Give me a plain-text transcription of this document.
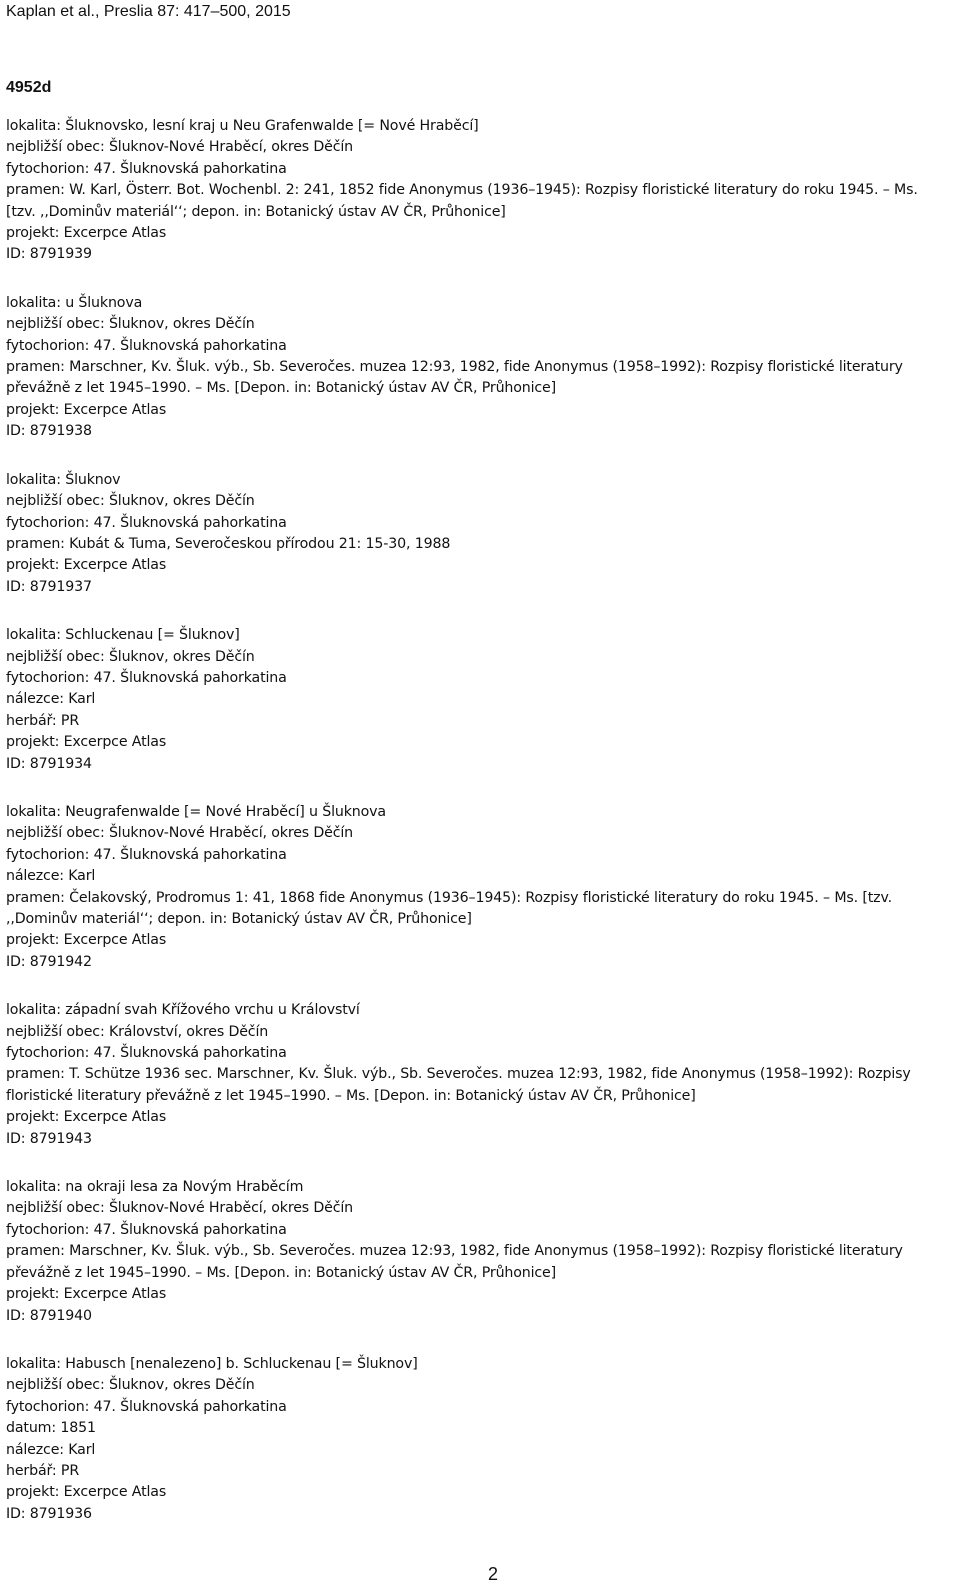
Kaplan et al., Preslia 87: 417–500, 2015
4952d
lokalita: Šluknovsko, lesní kraj u Neu Grafenwalde [= Nové Hraběcí]
nejbližší obec: Šluknov-Nové Hraběcí, okres Děčín
fytochorion: 47. Šluknovská pahorkatina
pramen: W. Karl, Österr. Bot. Wochenbl. 2: 241, 1852 fide Anonymus (1936–1945): Rozpisy floristické literatury do roku 1945. – Ms. [tzv. ,,Dominův materiál‘‘; depon. in: Botanický ústav AV ČR, Průhonice]
projekt: Excerpce Atlas
ID: 8791939
lokalita: u Šluknova
nejbližší obec: Šluknov, okres Děčín
fytochorion: 47. Šluknovská pahorkatina
pramen: Marschner, Kv. Šluk. výb., Sb. Severočes. muzea 12:93, 1982, fide Anonymus (1958–1992): Rozpisy floristické literatury převážně z let 1945–1990. – Ms. [Depon. in: Botanický ústav AV ČR, Průhonice]
projekt: Excerpce Atlas
ID: 8791938
lokalita: Šluknov
nejbližší obec: Šluknov, okres Děčín
fytochorion: 47. Šluknovská pahorkatina
pramen: Kubát & Tuma, Severočeskou přírodou 21: 15-30, 1988
projekt: Excerpce Atlas
ID: 8791937
lokalita: Schluckenau [= Šluknov]
nejbližší obec: Šluknov, okres Děčín
fytochorion: 47. Šluknovská pahorkatina
nálezce: Karl
herbář: PR
projekt: Excerpce Atlas
ID: 8791934
lokalita: Neugrafenwalde [= Nové Hraběcí] u Šluknova
nejbližší obec: Šluknov-Nové Hraběcí, okres Děčín
fytochorion: 47. Šluknovská pahorkatina
nálezce: Karl
pramen: Čelakovský, Prodromus 1: 41, 1868 fide Anonymus (1936–1945): Rozpisy floristické literatury do roku 1945. – Ms. [tzv. ,,Dominův materiál‘‘; depon. in: Botanický ústav AV ČR, Průhonice]
projekt: Excerpce Atlas
ID: 8791942
lokalita: západní svah Křížového vrchu u Království
nejbližší obec: Království, okres Děčín
fytochorion: 47. Šluknovská pahorkatina
pramen: T. Schütze 1936 sec. Marschner, Kv. Šluk. výb., Sb. Severočes. muzea 12:93, 1982, fide Anonymus (1958–1992): Rozpisy floristické literatury převážně z let 1945–1990. – Ms. [Depon. in: Botanický ústav AV ČR, Průhonice]
projekt: Excerpce Atlas
ID: 8791943
lokalita: na okraji lesa za Novým Hraběcím
nejbližší obec: Šluknov-Nové Hraběcí, okres Děčín
fytochorion: 47. Šluknovská pahorkatina
pramen: Marschner, Kv. Šluk. výb., Sb. Severočes. muzea 12:93, 1982, fide Anonymus (1958–1992): Rozpisy floristické literatury převážně z let 1945–1990. – Ms. [Depon. in: Botanický ústav AV ČR, Průhonice]
projekt: Excerpce Atlas
ID: 8791940
lokalita: Habusch [nenalezeno] b. Schluckenau [= Šluknov]
nejbližší obec: Šluknov, okres Děčín
fytochorion: 47. Šluknovská pahorkatina
datum: 1851
nálezce: Karl
herbář: PR
projekt: Excerpce Atlas
ID: 8791936
2
